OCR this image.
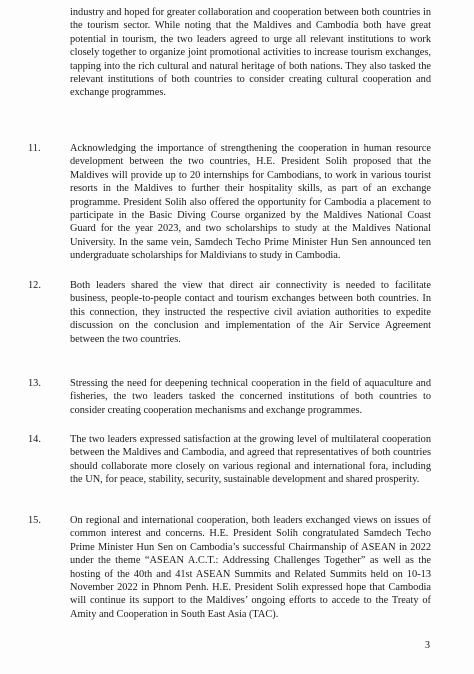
industry and hoped for greater collaboration and cooperation between both countries in the tourism sector. While noting that the Maldives and Cambodia both have great potential in tourism, the two leaders agreed to urge all relevant institutions to work closely together to organize joint promotional activities to increase tourism exchanges, tapping into the rich cultural and natural heritage of both nations. They also tasked the relevant institutions of both countries to consider creating cultural cooperation and exchange programmes.

11.	Acknowledging the importance of strengthening the cooperation in human resource development between the two countries, H.E. President Solih proposed that the Maldives will provide up to 20 internships for Cambodians, to work in various tourist resorts in the Maldives to further their hospitality skills, as part of an exchange programme. President Solih also offered the opportunity for Cambodia a placement to participate in the Basic Diving Course organized by the Maldives National Coast Guard for the year 2023, and two scholarships to study at the Maldives National University. In the same vein, Samdech Techo Prime Minister Hun Sen announced ten undergraduate scholarships for Maldivians to study in Cambodia.

12.	Both leaders shared the view that direct air connectivity is needed to facilitate business, people-to-people contact and tourism exchanges between both countries. In this connection, they instructed the respective civil aviation authorities to expedite discussion on the conclusion and implementation of the Air Service Agreement between the two countries.

13.	Stressing the need for deepening technical cooperation in the field of aquaculture and fisheries, the two leaders tasked the concerned institutions of both countries to consider creating cooperation mechanisms and exchange programmes.

14.	The two leaders expressed satisfaction at the growing level of multilateral cooperation between the Maldives and Cambodia, and agreed that representatives of both countries should collaborate more closely on various regional and international fora, including the UN, for peace, stability, security, sustainable development and shared prosperity.

15.	On regional and international cooperation, both leaders exchanged views on issues of common interest and concerns. H.E. President Solih congratulated Samdech Techo Prime Minister Hun Sen on Cambodia’s successful Chairmanship of ASEAN in 2022 under the theme “ASEAN A.C.T.: Addressing Challenges Together” as well as the hosting of the 40th and 41st ASEAN Summits and Related Summits held on 10-13 November 2022 in Phnom Penh. H.E. President Solih expressed hope that Cambodia will continue its support to the Maldives’ ongoing efforts to accede to the Treaty of Amity and Cooperation in South East Asia (TAC).

3
